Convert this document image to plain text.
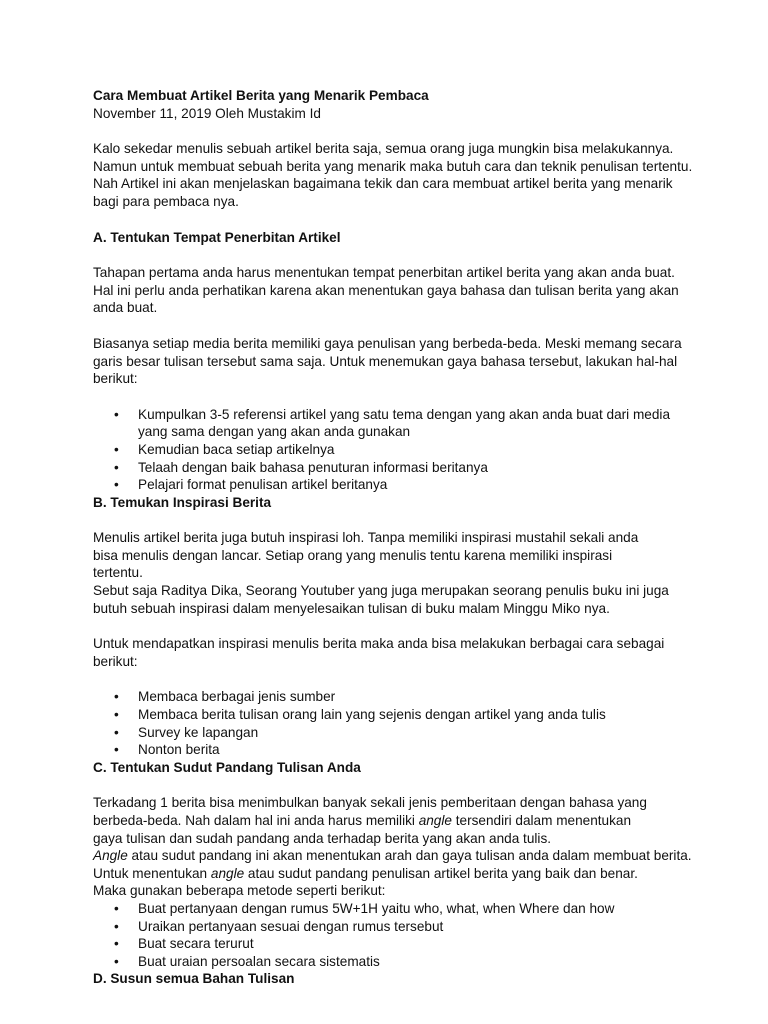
Cara Membuat Artikel Berita yang Menarik Pembaca

November 11, 2019 Oleh Mustakim Id

Kalo sekedar menulis sebuah artikel berita saja, semua orang juga mungkin bisa melakukannya.

Namun untuk membuat sebuah berita yang menarik maka butuh cara dan teknik penulisan tertentu.

Nah Artikel ini akan menjelaskan bagaimana tekik dan cara membuat artikel berita yang menarik bagi para pembaca nya.

A. Tentukan Tempat Penerbitan Artikel

Tahapan pertama anda harus menentukan tempat penerbitan artikel berita yang akan anda buat. Hal ini perlu anda perhatikan karena akan menentukan gaya bahasa dan tulisan berita yang akan anda buat.

Biasanya setiap media berita memiliki gaya penulisan yang berbeda-beda. Meski memang secara garis besar tulisan tersebut sama saja. Untuk menemukan gaya bahasa tersebut, lakukan hal-hal berikut:

• Kumpulkan 3-5 referensi artikel yang satu tema dengan yang akan anda buat dari media yang sama dengan yang akan anda gunakan
• Kemudian baca setiap artikelnya
• Telaah dengan baik bahasa penuturan informasi beritanya
• Pelajari format penulisan artikel beritanya
B. Temukan Inspirasi Berita

Menulis artikel berita juga butuh inspirasi loh. Tanpa memiliki inspirasi mustahil sekali anda bisa menulis dengan lancar. Setiap orang yang menulis tentu karena memiliki inspirasi tertentu.

Sebut saja Raditya Dika, Seorang Youtuber yang juga merupakan seorang penulis buku ini juga butuh sebuah inspirasi dalam menyelesaikan tulisan di buku malam Minggu Miko nya.

Untuk mendapatkan inspirasi menulis berita maka anda bisa melakukan berbagai cara sebagai berikut:

• Membaca berbagai jenis sumber
• Membaca berita tulisan orang lain yang sejenis dengan artikel yang anda tulis
• Survey ke lapangan
• Nonton berita
C. Tentukan Sudut Pandang Tulisan Anda

Terkadang 1 berita bisa menimbulkan banyak sekali jenis pemberitaan dengan bahasa yang berbeda-beda. Nah dalam hal ini anda harus memiliki angle tersendiri dalam menentukan gaya tulisan dan sudah pandang anda terhadap berita yang akan anda tulis.

Angle atau sudut pandang ini akan menentukan arah dan gaya tulisan anda dalam membuat berita.

Untuk menentukan angle atau sudut pandang penulisan artikel berita yang baik dan benar. Maka gunakan beberapa metode seperti berikut:

• Buat pertanyaan dengan rumus 5W+1H yaitu who, what, when Where dan how
• Uraikan pertanyaan sesuai dengan rumus tersebut
• Buat secara terurut
• Buat uraian persoalan secara sistematis
D. Susun semua Bahan Tulisan
